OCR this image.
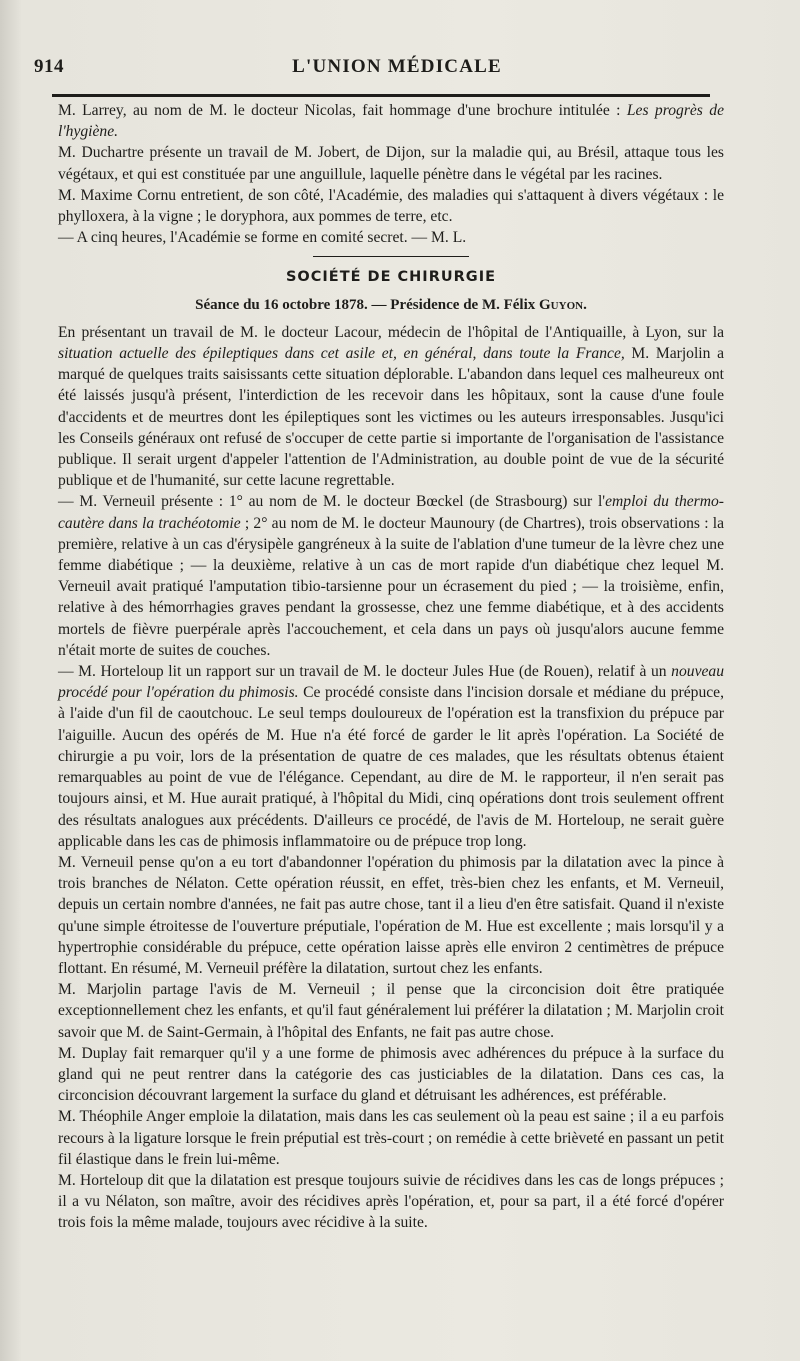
914	L'UNION MÉDICALE

M. Larrey, au nom de M. le docteur Nicolas, fait hommage d'une brochure intitulée : Les progrès de l'hygiène.

M. Duchartre présente un travail de M. Jobert, de Dijon, sur la maladie qui, au Brésil, attaque tous les végétaux, et qui est constituée par une anguillule, laquelle pénètre dans le végétal par les racines.

M. Maxime Cornu entretient, de son côté, l'Académie, des maladies qui s'attaquent à divers végétaux : le phylloxera, à la vigne ; le doryphora, aux pommes de terre, etc.

— A cinq heures, l'Académie se forme en comité secret. — M. L.

SOCIÉTÉ DE CHIRURGIE
Séance du 16 octobre 1878. — Présidence de M. Félix Guyon.

En présentant un travail de M. le docteur Lacour, médecin de l'hôpital de l'Antiquaille, à Lyon, sur la situation actuelle des épileptiques dans cet asile et, en général, dans toute la France, M. Marjolin a marqué de quelques traits saisissants cette situation déplorable. L'abandon dans lequel ces malheureux ont été laissés jusqu'à présent, l'interdiction de les recevoir dans les hôpitaux, sont la cause d'une foule d'accidents et de meurtres dont les épileptiques sont les victimes ou les auteurs irresponsables. Jusqu'ici les Conseils généraux ont refusé de s'occuper de cette partie si importante de l'organisation de l'assistance publique. Il serait urgent d'appeler l'attention de l'Administration, au double point de vue de la sécurité publique et de l'humanité, sur cette lacune regrettable.

— M. Verneuil présente : 1° au nom de M. le docteur Bœckel (de Strasbourg) sur l'emploi du thermo-cautère dans la trachéotomie ; 2° au nom de M. le docteur Maunoury (de Chartres), trois observations : la première, relative à un cas d'érysipèle gangréneux à la suite de l'ablation d'une tumeur de la lèvre chez une femme diabétique ; — la deuxième, relative à un cas de mort rapide d'un diabétique chez lequel M. Verneuil avait pratiqué l'amputation tibio-tarsienne pour un écrasement du pied ; — la troisième, enfin, relative à des hémorrhagies graves pendant la grossesse, chez une femme diabétique, et à des accidents mortels de fièvre puerpérale après l'accouchement, et cela dans un pays où jusqu'alors aucune femme n'était morte de suites de couches.

— M. Horteloup lit un rapport sur un travail de M. le docteur Jules Hue (de Rouen), relatif à un nouveau procédé pour l'opération du phimosis. Ce procédé consiste dans l'incision dorsale et médiane du prépuce, à l'aide d'un fil de caoutchouc. Le seul temps douloureux de l'opération est la transfixion du prépuce par l'aiguille. Aucun des opérés de M. Hue n'a été forcé de garder le lit après l'opération. La Société de chirurgie a pu voir, lors de la présentation de quatre de ces malades, que les résultats obtenus étaient remarquables au point de vue de l'élégance. Cependant, au dire de M. le rapporteur, il n'en serait pas toujours ainsi, et M. Hue aurait pratiqué, à l'hôpital du Midi, cinq opérations dont trois seulement offrent des résultats analogues aux précédents. D'ailleurs ce procédé, de l'avis de M. Horteloup, ne serait guère applicable dans les cas de phimosis inflammatoire ou de prépuce trop long.

M. Verneuil pense qu'on a eu tort d'abandonner l'opération du phimosis par la dilatation avec la pince à trois branches de Nélaton. Cette opération réussit, en effet, très-bien chez les enfants, et M. Verneuil, depuis un certain nombre d'années, ne fait pas autre chose, tant il a lieu d'en être satisfait. Quand il n'existe qu'une simple étroitesse de l'ouverture préputiale, l'opération de M. Hue est excellente ; mais lorsqu'il y a hypertrophie considérable du prépuce, cette opération laisse après elle environ 2 centimètres de prépuce flottant. En résumé, M. Verneuil préfère la dilatation, surtout chez les enfants.

M. Marjolin partage l'avis de M. Verneuil ; il pense que la circoncision doit être pratiquée exceptionnellement chez les enfants, et qu'il faut généralement lui préférer la dilatation ; M. Marjolin croit savoir que M. de Saint-Germain, à l'hôpital des Enfants, ne fait pas autre chose.

M. Duplay fait remarquer qu'il y a une forme de phimosis avec adhérences du prépuce à la surface du gland qui ne peut rentrer dans la catégorie des cas justiciables de la dilatation. Dans ces cas, la circoncision découvrant largement la surface du gland et détruisant les adhérences, est préférable.

M. Théophile Anger emploie la dilatation, mais dans les cas seulement où la peau est saine ; il a eu parfois recours à la ligature lorsque le frein préputial est très-court ; on remédie à cette brièveté en passant un petit fil élastique dans le frein lui-même.

M. Horteloup dit que la dilatation est presque toujours suivie de récidives dans les cas de longs prépuces ; il a vu Nélaton, son maître, avoir des récidives après l'opération, et, pour sa part, il a été forcé d'opérer trois fois la même malade, toujours avec récidive à la suite.
